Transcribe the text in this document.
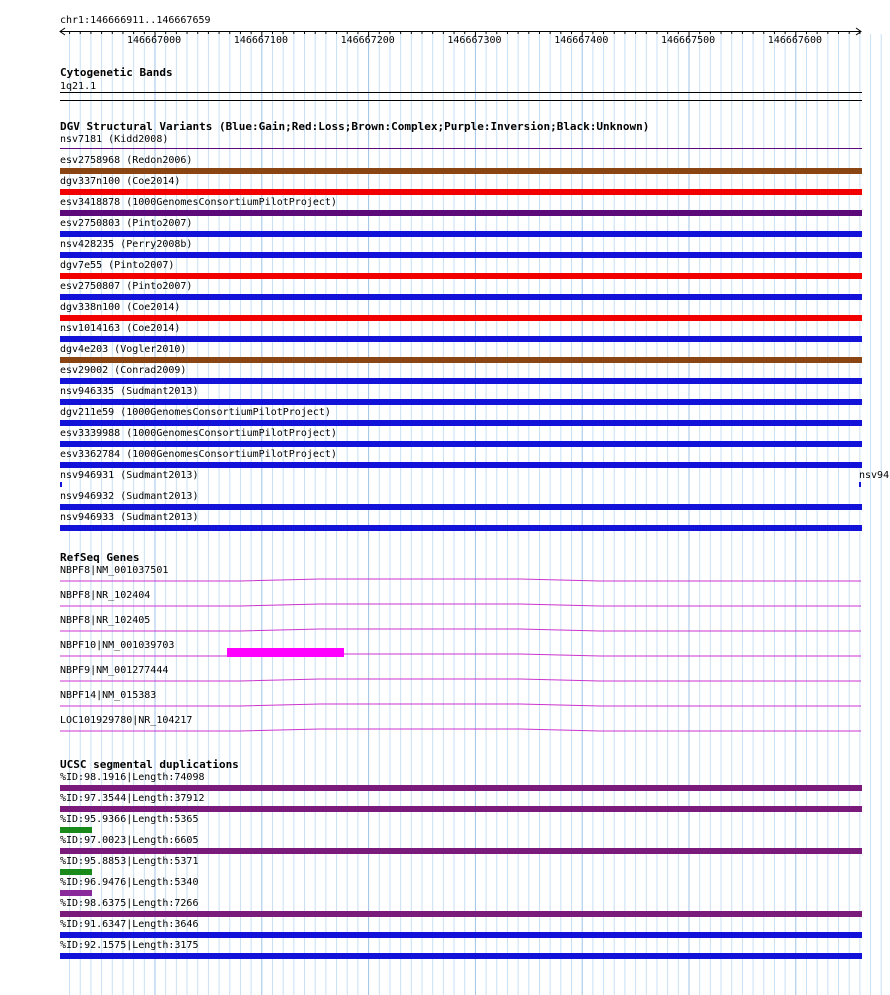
chr1:146666911..146667659
146667000	146667100	146667200	146667300	146667400	146667500	146667600
Cytogenetic Bands
1q21.1
DGV Structural Variants (Blue:Gain;Red:Loss;Brown:Complex;Purple:Inversion;Black:Unknown)
nsv7181 (Kidd2008)
esv2758968 (Redon2006)
dgv337n100 (Coe2014)
esv3418878 (1000GenomesConsortiumPilotProject)
esv2750803 (Pinto2007)
nsv428235 (Perry2008b)
dgv7e55 (Pinto2007)
esv2750807 (Pinto2007)
dgv338n100 (Coe2014)
nsv1014163 (Coe2014)
dgv4e203 (Vogler2010)
esv29002 (Conrad2009)
nsv946335 (Sudmant2013)
dgv211e59 (1000GenomesConsortiumPilotProject)
esv3339988 (1000GenomesConsortiumPilotProject)
esv3362784 (1000GenomesConsortiumPilotProject)
nsv946931 (Sudmant2013)	nsv94
nsv946932 (Sudmant2013)
nsv946933 (Sudmant2013)
RefSeq Genes
NBPF8|NM_001037501
NBPF8|NR_102404
NBPF8|NR_102405
NBPF10|NM_001039703
NBPF9|NM_001277444
NBPF14|NM_015383
LOC101929780|NR_104217
UCSC segmental duplications
%ID:98.1916|Length:74098
%ID:97.3544|Length:37912
%ID:95.9366|Length:5365
%ID:97.0023|Length:6605
%ID:95.8853|Length:5371
%ID:96.9476|Length:5340
%ID:98.6375|Length:7266
%ID:91.6347|Length:3646
%ID:92.1575|Length:3175
